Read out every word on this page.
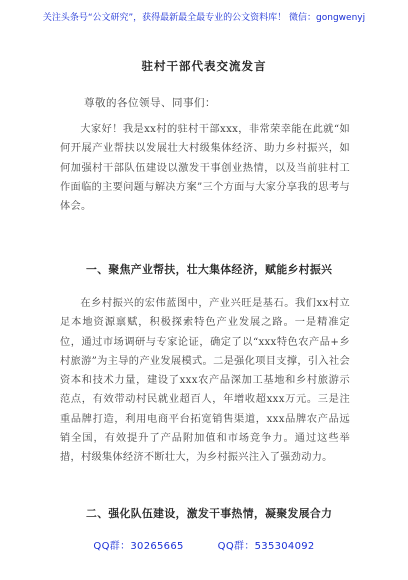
关注头条号“公文研究”，获得最新最全最专业的公文资料库！ 微信：gongwenyj
驻村干部代表交流发言
尊敬的各位领导、同事们：

大家好！我是xx村的驻村干部xxx，非常荣幸能在此就“如何开展产业帮扶以发展壮大村级集体经济、助力乡村振兴，如何加强村干部队伍建设以激发干事创业热情，以及当前驻村工作面临的主要问题与解决方案”三个方面与大家分享我的思考与体会。

一、聚焦产业帮扶，壮大集体经济，赋能乡村振兴

在乡村振兴的宏伟蓝图中，产业兴旺是基石。我们xx村立足本地资源禀赋，积极探索特色产业发展之路。一是精准定位，通过市场调研与专家论证，确定了以“xxx特色农产品+乡村旅游”为主导的产业发展模式。二是强化项目支撑，引入社会资本和技术力量，建设了xxx农产品深加工基地和乡村旅游示范点，有效带动村民就业超百人，年增收超xxx万元。三是注重品牌打造，利用电商平台拓宽销售渠道，xxx品牌农产品远销全国，有效提升了产品附加值和市场竞争力。通过这些举措，村级集体经济不断壮大，为乡村振兴注入了强劲动力。

二、强化队伍建设，激发干事热情，凝聚发展合力
QQ群：30265665	QQ群：535304092
